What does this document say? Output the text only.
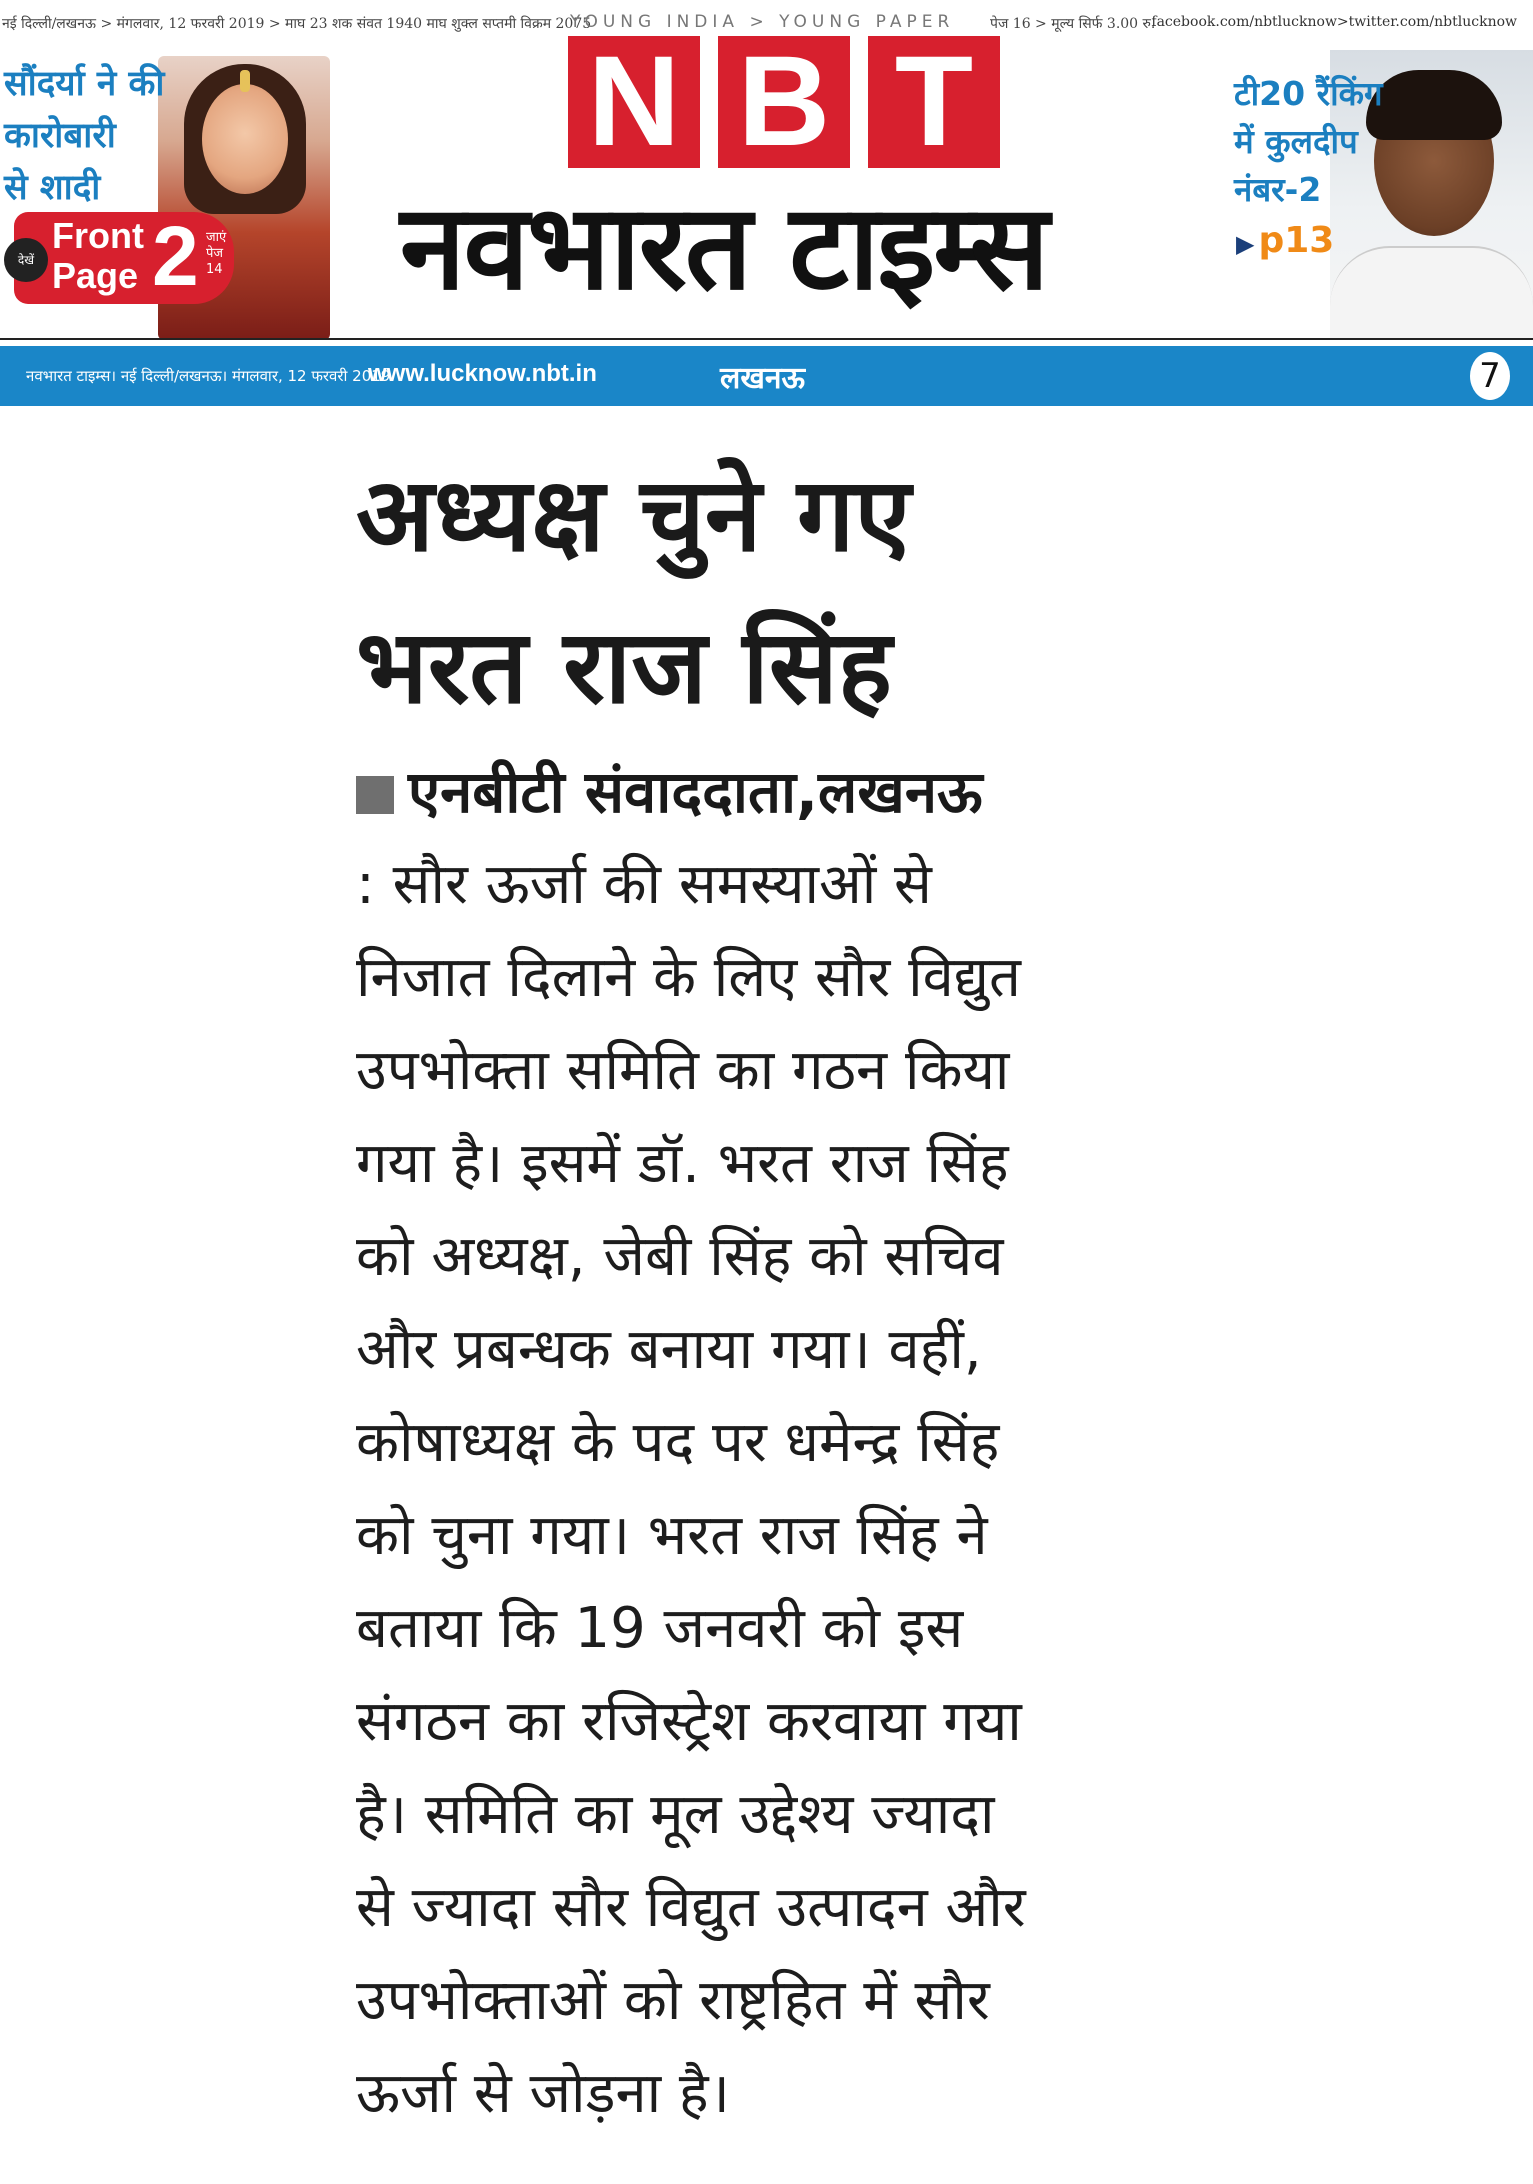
नई दिल्ली/लखनऊ > मंगलवार, 12 फरवरी 2019 > माघ 23 शक संवत 1940 माघ शुक्ल सप्तमी विक्रम 2075
YOUNG INDIA > YOUNG PAPER	पेज 16 > मूल्य सिर्फ 3.00 रु.
facebook.com/nbtlucknow>twitter.com/nbtlucknow
सौंदर्या ने की
कारोबारी
से शादी
देखें
Front
Page 2 जाएं
पेज
14
N B T
नवभारत टाइम्स
टी20 रैंकिंग
में कुलदीप
नंबर-2
▶ p13
नवभारत टाइम्स। नई दिल्ली/लखनऊ। मंगलवार, 12 फरवरी 2019
www.lucknow.nbt.in	लखनऊ	7
अध्यक्ष चुने गए
भरत राज सिंह
एनबीटी संवाददाता,लखनऊ
: सौर ऊर्जा की समस्याओं से
निजात दिलाने के लिए सौर विद्युत
उपभोक्ता समिति का गठन किया
गया है। इसमें डॉ. भरत राज सिंह
को अध्यक्ष, जेबी सिंह को सचिव
और प्रबन्धक बनाया गया। वहीं,
कोषाध्यक्ष के पद पर धमेन्द्र सिंह
को चुना गया। भरत राज सिंह ने
बताया कि 19 जनवरी को इस
संगठन का रजिस्ट्रेश करवाया गया
है। समिति का मूल उद्देश्य ज्यादा
से ज्यादा सौर विद्युत उत्पादन और
उपभोक्ताओं को राष्ट्रहित में सौर
ऊर्जा से जोड़ना है।
